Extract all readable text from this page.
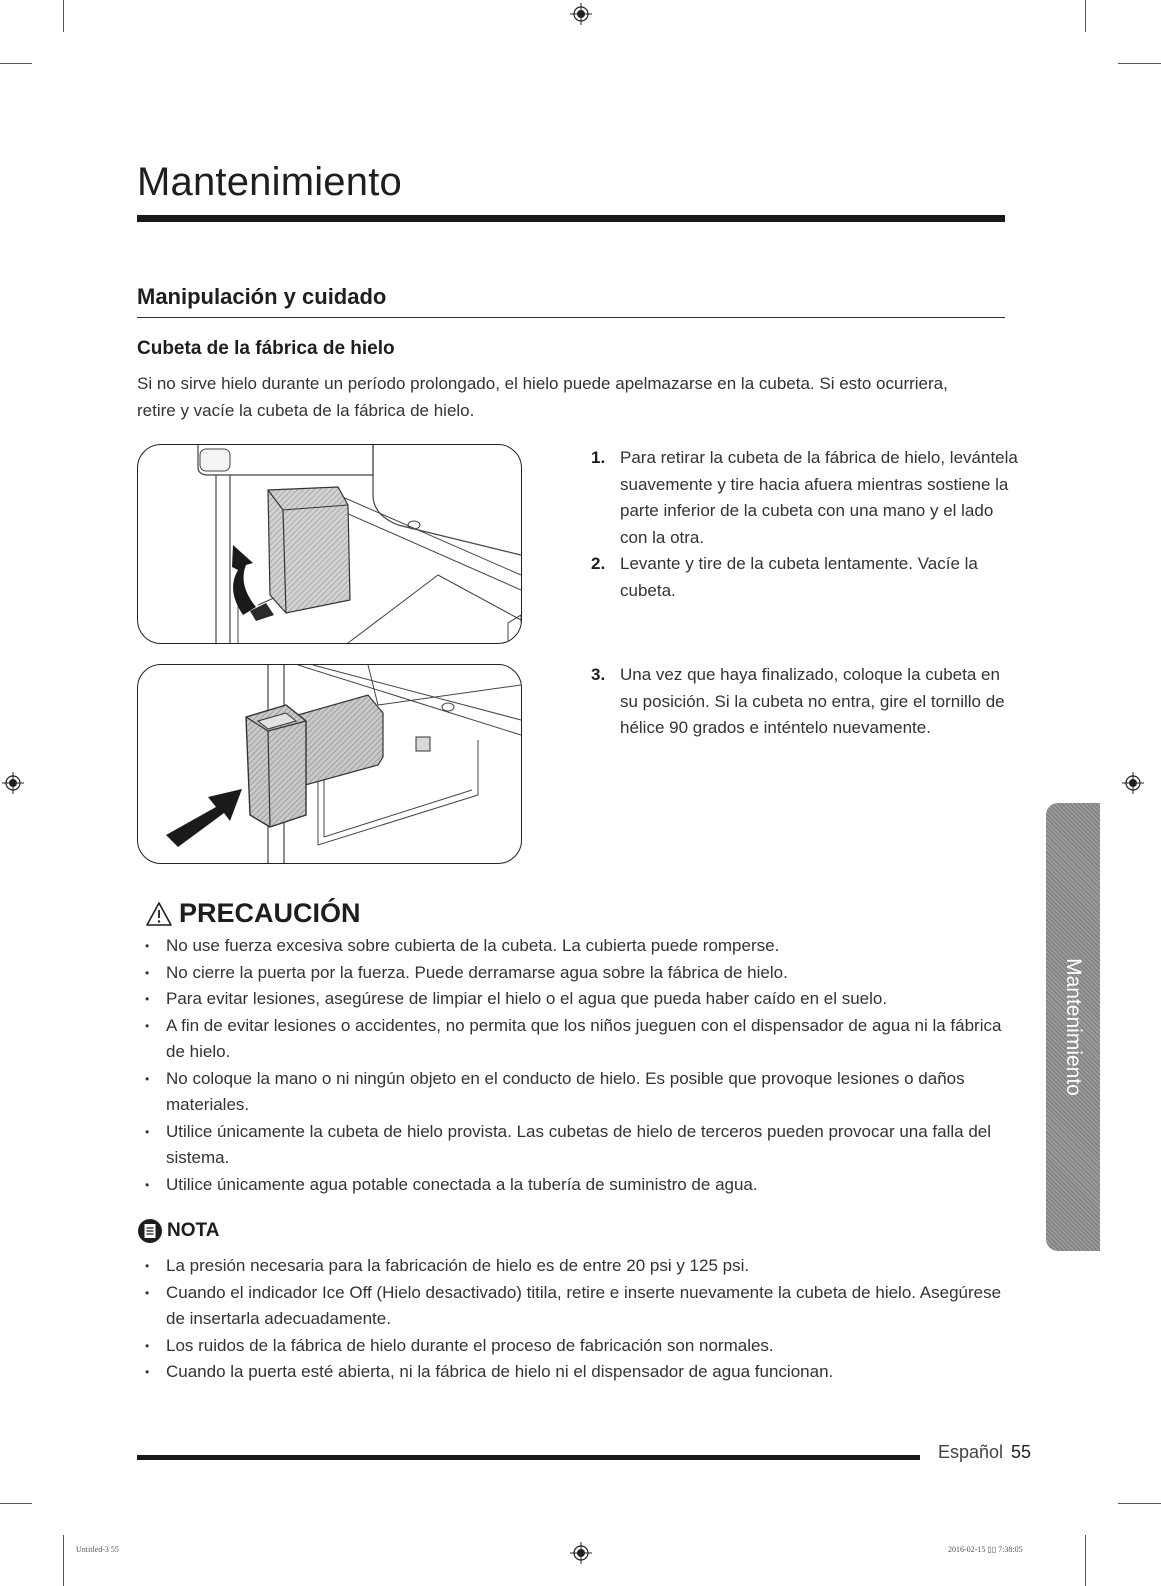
Mantenimiento
Manipulación y cuidado
Cubeta de la fábrica de hielo
Si no sirve hielo durante un período prolongado, el hielo puede apelmazarse en la cubeta. Si esto ocurriera, retire y vacíe la cubeta de la fábrica de hielo.
1. Para retirar la cubeta de la fábrica de hielo, levántela suavemente y tire hacia afuera mientras sostiene la parte inferior de la cubeta con una mano y el lado con la otra.
2. Levante y tire de la cubeta lentamente. Vacíe la cubeta.
3. Una vez que haya finalizado, coloque la cubeta en su posición. Si la cubeta no entra, gire el tornillo de hélice 90 grados e inténtelo nuevamente.
PRECAUCIÓN
• No use fuerza excesiva sobre cubierta de la cubeta. La cubierta puede romperse.
• No cierre la puerta por la fuerza. Puede derramarse agua sobre la fábrica de hielo.
• Para evitar lesiones, asegúrese de limpiar el hielo o el agua que pueda haber caído en el suelo.
• A fin de evitar lesiones o accidentes, no permita que los niños jueguen con el dispensador de agua ni la fábrica de hielo.
• No coloque la mano o ni ningún objeto en el conducto de hielo. Es posible que provoque lesiones o daños materiales.
• Utilice únicamente la cubeta de hielo provista. Las cubetas de hielo de terceros pueden provocar una falla del sistema.
• Utilice únicamente agua potable conectada a la tubería de suministro de agua.
NOTA
• La presión necesaria para la fabricación de hielo es de entre 20 psi y 125 psi.
• Cuando el indicador Ice Off (Hielo desactivado) titila, retire e inserte nuevamente la cubeta de hielo. Asegúrese de insertarla adecuadamente.
• Los ruidos de la fábrica de hielo durante el proceso de fabricación son normales.
• Cuando la puerta esté abierta, ni la fábrica de hielo ni el dispensador de agua funcionan.
Mantenimiento
Español 55
Untitled-3 55	2016-02-15 ▯▯ 7:38:05
